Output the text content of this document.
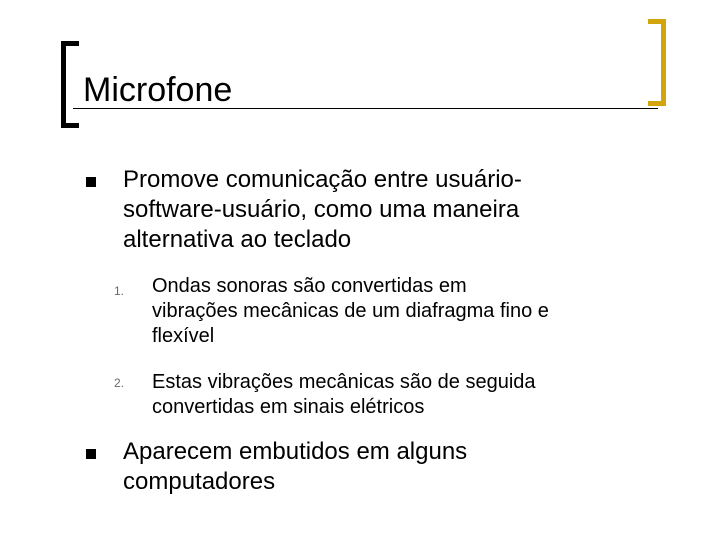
Microfone
Promove comunicação entre usuário-
software-usuário, como uma maneira
alternativa ao teclado
1. Ondas sonoras são convertidas em
vibrações mecânicas de um diafragma fino e
flexível
2. Estas vibrações mecânicas são de seguida
convertidas em sinais elétricos
Aparecem embutidos em alguns
computadores
